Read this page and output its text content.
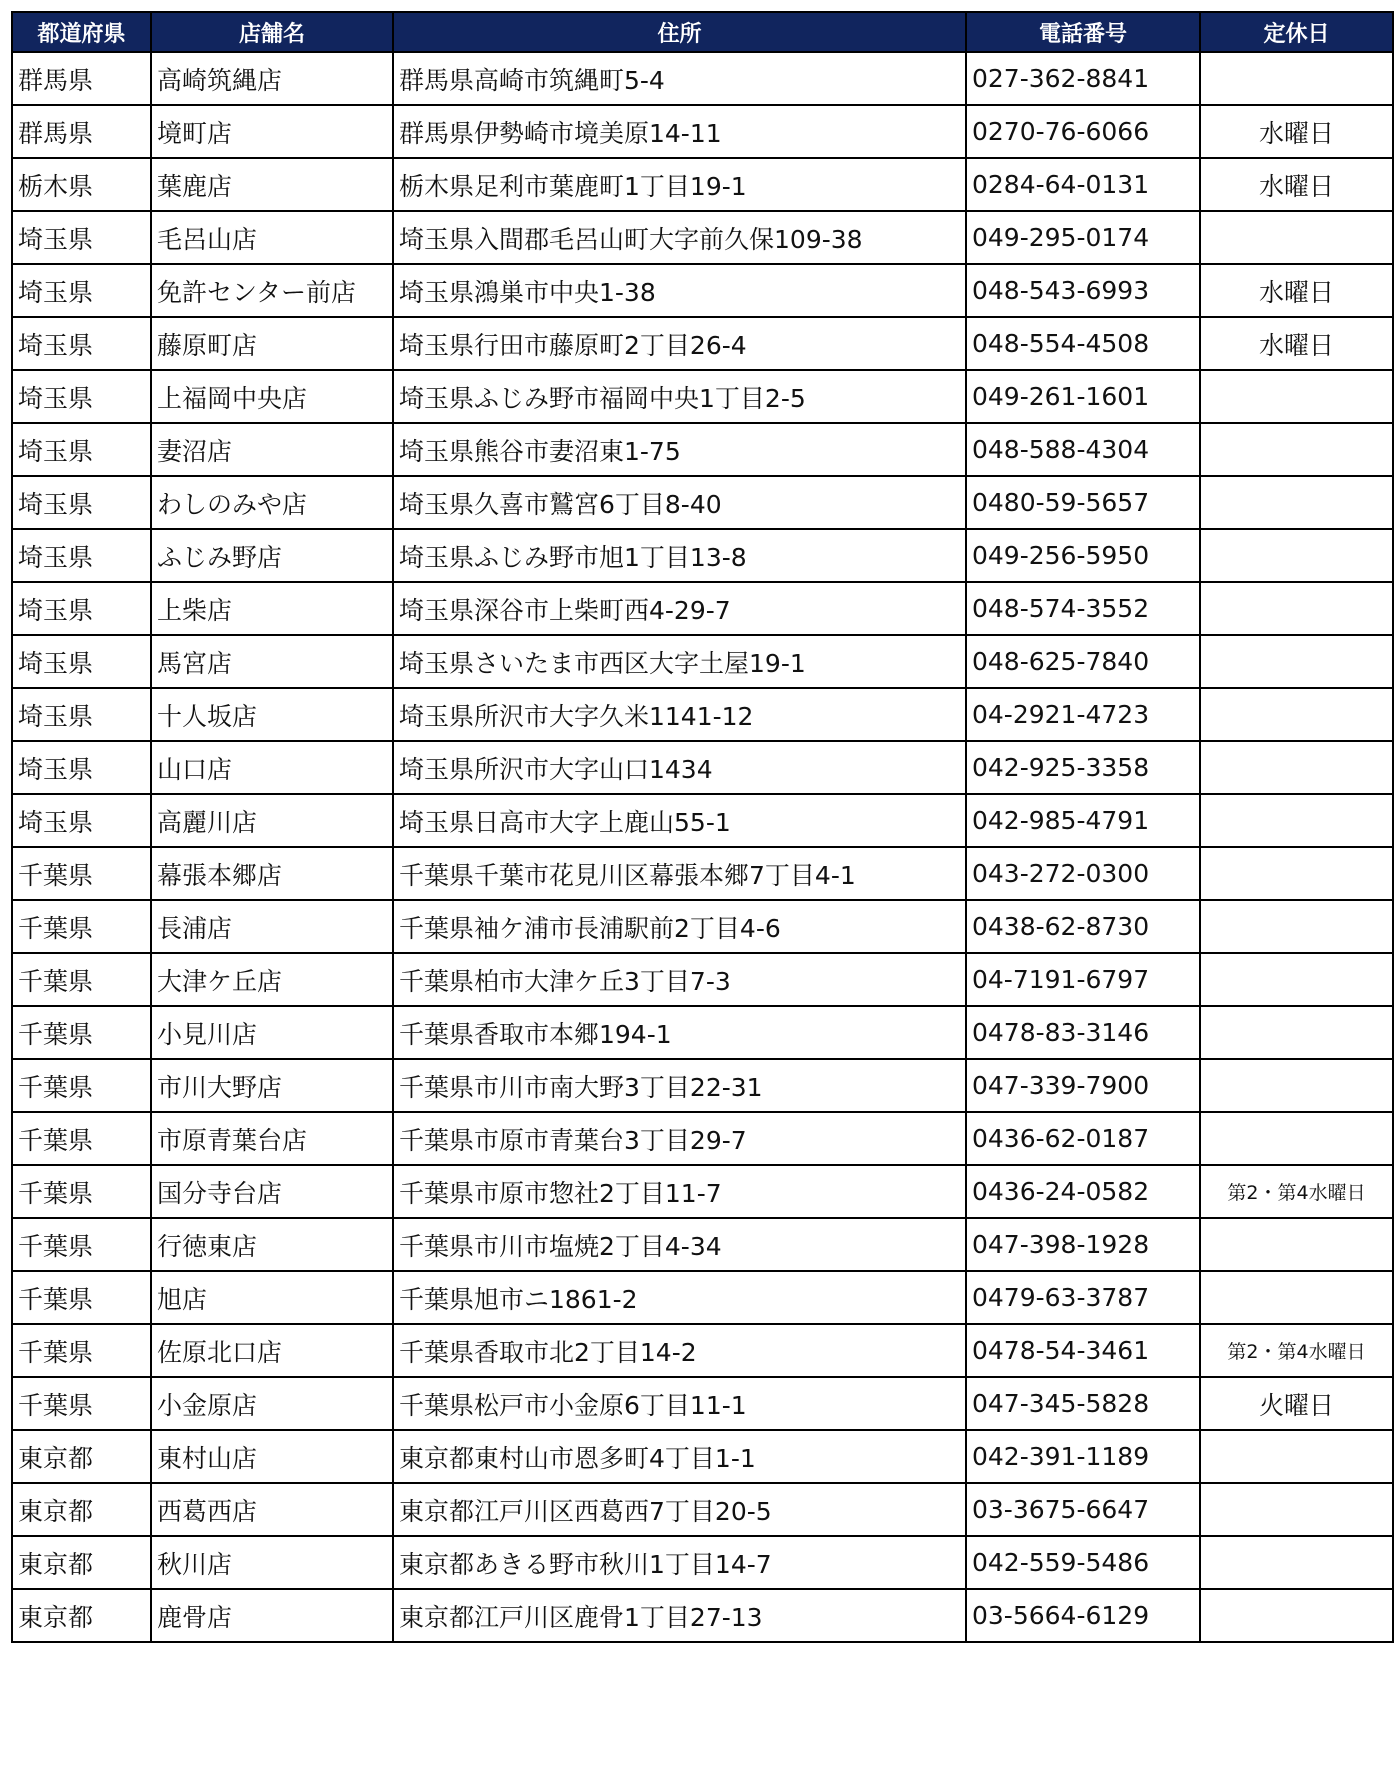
都道府県	店舗名	住所	電話番号	定休日
群馬県	高崎筑縄店	群馬県高崎市筑縄町5-4	027-362-8841	
群馬県	境町店	群馬県伊勢崎市境美原14-11	0270-76-6066	水曜日
栃木県	葉鹿店	栃木県足利市葉鹿町1丁目19-1	0284-64-0131	水曜日
埼玉県	毛呂山店	埼玉県入間郡毛呂山町大字前久保109-38	049-295-0174	
埼玉県	免許センター前店	埼玉県鴻巣市中央1-38	048-543-6993	水曜日
埼玉県	藤原町店	埼玉県行田市藤原町2丁目26-4	048-554-4508	水曜日
埼玉県	上福岡中央店	埼玉県ふじみ野市福岡中央1丁目2-5	049-261-1601	
埼玉県	妻沼店	埼玉県熊谷市妻沼東1-75	048-588-4304	
埼玉県	わしのみや店	埼玉県久喜市鷲宮6丁目8-40	0480-59-5657	
埼玉県	ふじみ野店	埼玉県ふじみ野市旭1丁目13-8	049-256-5950	
埼玉県	上柴店	埼玉県深谷市上柴町西4-29-7	048-574-3552	
埼玉県	馬宮店	埼玉県さいたま市西区大字土屋19-1	048-625-7840	
埼玉県	十人坂店	埼玉県所沢市大字久米1141-12	04-2921-4723	
埼玉県	山口店	埼玉県所沢市大字山口1434	042-925-3358	
埼玉県	高麗川店	埼玉県日高市大字上鹿山55-1	042-985-4791	
千葉県	幕張本郷店	千葉県千葉市花見川区幕張本郷7丁目4-1	043-272-0300	
千葉県	長浦店	千葉県袖ケ浦市長浦駅前2丁目4-6	0438-62-8730	
千葉県	大津ケ丘店	千葉県柏市大津ケ丘3丁目7-3	04-7191-6797	
千葉県	小見川店	千葉県香取市本郷194-1	0478-83-3146	
千葉県	市川大野店	千葉県市川市南大野3丁目22-31	047-339-7900	
千葉県	市原青葉台店	千葉県市原市青葉台3丁目29-7	0436-62-0187	
千葉県	国分寺台店	千葉県市原市惣社2丁目11-7	0436-24-0582	第2・第4水曜日
千葉県	行徳東店	千葉県市川市塩焼2丁目4-34	047-398-1928	
千葉県	旭店	千葉県旭市ニ1861-2	0479-63-3787	
千葉県	佐原北口店	千葉県香取市北2丁目14-2	0478-54-3461	第2・第4水曜日
千葉県	小金原店	千葉県松戸市小金原6丁目11-1	047-345-5828	火曜日
東京都	東村山店	東京都東村山市恩多町4丁目1-1	042-391-1189	
東京都	西葛西店	東京都江戸川区西葛西7丁目20-5	03-3675-6647	
東京都	秋川店	東京都あきる野市秋川1丁目14-7	042-559-5486	
東京都	鹿骨店	東京都江戸川区鹿骨1丁目27-13	03-5664-6129	
